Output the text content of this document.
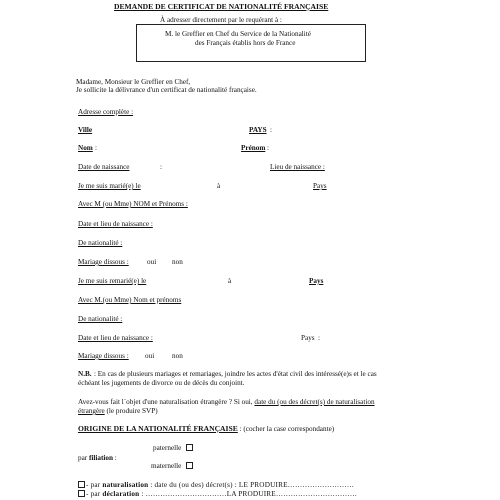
DEMANDE DE CERTIFICAT DE NATIONALITÉ FRANÇAISE
À adresser directement par le requérant à :
M. le Greffier en Chef du Service de la Nationalité
des Français établis hors de France
Madame, Monsieur le Greffier en Chef,
Je sollicite la délivrance d'un certificat de nationalité française.
Adresse complète :
Ville	PAYS :
Nom :	Prénom :
Date de naissance	:	Lieu de naissance :
Je me suis marié(e) le	à	Pays
Avec M (ou Mme) NOM et Prénoms :
Date et lieu de naissance :
De nationalité :
Mariage dissous :	oui non
Je me suis remarié(e) le	à	Pays
Avec M.(ou Mme) Nom et prénoms
De nationalité :
Date et lieu de naissance :	Pays :
Mariage dissous : oui non
N.B. : En cas de plusieurs mariages et remariages, joindre les actes d'état civil des intéressé(e)s et le cas
échéant les jugements de divorce ou de décès du conjoint.
Avez-vous fait l´objet d'une naturalisation étrangère ? Si oui, date du (ou des décret(s) de naturalisation
étrangère (le produire SVP)
ORIGINE DE LA NATIONALITÉ FRANÇAISE : (cocher la case correspondante)
paternelle
par filiation :
maternelle
- par naturalisation : date du (ou des) décret(s) : LE PRODUIRE………………………
- par déclaration : ……………………………LA PRODUIRE……………………………
